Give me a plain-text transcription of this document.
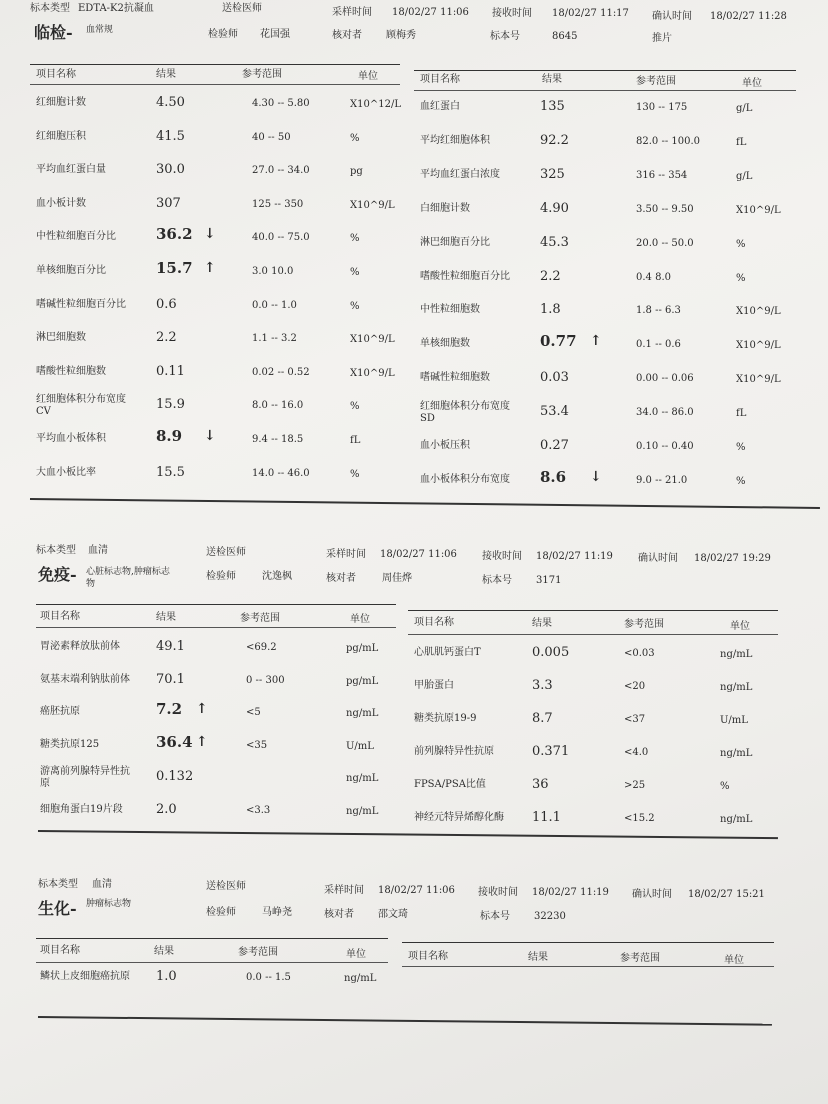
标本类型 EDTA-K2抗凝血	送检医师	采样时间 18/02/27 11:06 接收时间 18/02/27 11:17 确认时间 18/02/27 11:28
临检- 血常规	检验师 花国强	核对者 顾梅秀	标本号	8645	推片
项目名称	结果	参考范围	单位	项目名称	结果	参考范围	单位
红细胞计数	4.50	4.30 -- 5.80	X10^12/L
红细胞压积	41.5	40 -- 50	%
平均血红蛋白量	30.0	27.0 -- 34.0	pg
血小板计数	307	125 -- 350	X10^9/L
中性粒细胞百分比	36.2 ↓	40.0 -- 75.0	%
单核细胞百分比	15.7 ↑	3.0 10.0	%
嗜碱性粒细胞百分比 0.6	0.0 -- 1.0	%
淋巴细胞数	2.2	1.1 -- 3.2	X10^9/L
嗜酸性粒细胞数	0.11	0.02 -- 0.52	X10^9/L
红细胞体积分布宽度
CV	15.9	8.0 -- 16.0	%
平均血小板体积	8.9 ↓	9.4 -- 18.5	fL
大血小板比率	15.5	14.0 -- 46.0	%
血红蛋白	135	130 -- 175	g/L
平均红细胞体积	92.2	82.0 -- 100.0	fL
平均血红蛋白浓度	325	316 -- 354	g/L
白细胞计数	4.90	3.50 -- 9.50	X10^9/L
淋巴细胞百分比	45.3	20.0 -- 50.0	%
嗜酸性粒细胞百分比 2.2	0.4 8.0	%
中性粒细胞数	1.8	1.8 -- 6.3	X10^9/L
单核细胞数	0.77 ↑	0.1 -- 0.6	X10^9/L
嗜碱性粒细胞数	0.03	0.00 -- 0.06	X10^9/L
红细胞体积分布宽度
SD	53.4	34.0 -- 86.0	fL
血小板压积	0.27	0.10 -- 0.40	%
血小板体积分布宽度 8.6 ↓	9.0 -- 21.0	%
标本类型 血清	送检医师	采样时间 18/02/27 11:06	接收时间 18/02/27 11:19	确认时间 18/02/27 19:29
免疫- 心脏标志物,肿瘤标志
物
检验师	沈逸枫	核对者	周佳烨	标本号 3171
项目名称	结果	参考范围	单位	项目名称	结果	参考范围	单位
胃泌素释放肽前体	49.1	<69.2	pg/mL
氨基末端利钠肽前体 70.1	0 -- 300	pg/mL
癌胚抗原	7.2 ↑	<5	ng/mL
糖类抗原125	36.4 ↑	<35	U/mL
游离前列腺特异性抗
原	0.132	ng/mL
细胞角蛋白19片段	2.0	<3.3	ng/mL
心肌肌钙蛋白T	0.005	<0.03	ng/mL
甲胎蛋白	3.3	<20	ng/mL
糖类抗原19-9	8.7	<37	U/mL
前列腺特异性抗原	0.371	<4.0	ng/mL
FPSA/PSA比值	36	>25	%
神经元特异烯醇化酶 11.1	<15.2	ng/mL
标本类型 血清	送检医师	采样时间 18/02/27 11:06 接收时间 18/02/27 11:19 确认时间 18/02/27 15:21
生化- 肿瘤标志物
检验师	马峥尧	核对者 邵文琦	标本号 32230
项目名称	结果	参考范围	单位	项目名称	结果	参考范围	单位
鳞状上皮细胞癌抗原 1.0	0.0 -- 1.5	ng/mL
